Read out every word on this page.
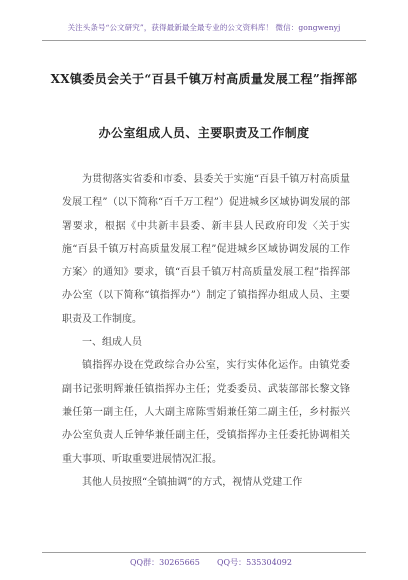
关注头条号“公文研究”，获得最新最全最专业的公文资料库！ 微信：gongwenyj
XX镇委员会关于“百县千镇万村高质量发展工程”指挥部
办公室组成人员、主要职责及工作制度

为贯彻落实省委和市委、县委关于实施“百县千镇万村高质量发展工程”（以下简称“百千万工程”）促进城乡区域协调发展的部署要求，根据《中共新丰县委、新丰县人民政府印发〈关于实施“百县千镇万村高质量发展工程”促进城乡区域协调发展的工作方案〉的通知》要求，镇“百县千镇万村高质量发展工程”指挥部办公室（以下简称“镇指挥办”）制定了镇指挥办组成人员、主要职责及工作制度。

一、组成人员

镇指挥办设在党政综合办公室，实行实体化运作。由镇党委副书记张明辉兼任镇指挥办主任；党委委员、武装部部长黎文锋兼任第一副主任，人大副主席陈雪娟兼任第二副主任，乡村振兴办公室负责人丘钟华兼任副主任，受镇指挥办主任委托协调相关重大事项、听取重要进展情况汇报。

其他人员按照“全镇抽调”的方式，视情从党建工作

QQ群：30265665 QQ号：535304092
